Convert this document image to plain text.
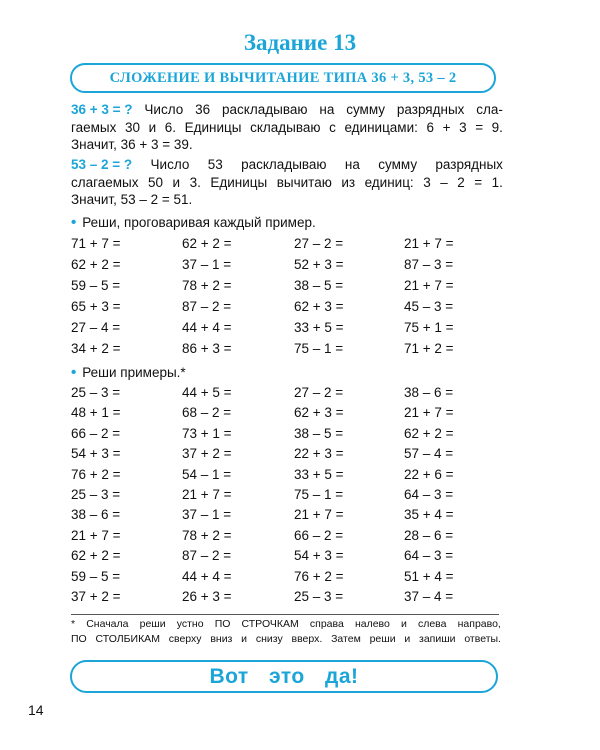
Задание 13
СЛОЖЕНИЕ И ВЫЧИТАНИЕ ТИПА 36 + 3, 53 – 2
36 + 3 = ? Число 36 раскладываю на сумму разрядных сла-
гаемых 30 и 6. Единицы складываю с единицами: 6 + 3 = 9.
Значит, 36 + 3 = 39.
53 – 2 = ? Число 53 раскладываю на сумму разрядных
слагаемых 50 и 3. Единицы вычитаю из единиц: 3 – 2 = 1.
Значит, 53 – 2 = 51.
• Реши, проговаривая каждый пример.
71 + 7 =	62 + 2 =	27 – 2 =	21 + 7 =
62 + 2 =	37 – 1 =	52 + 3 =	87 – 3 =
59 – 5 =	78 + 2 =	38 – 5 =	21 + 7 =
65 + 3 =	87 – 2 =	62 + 3 =	45 – 3 =
27 – 4 =	44 + 4 =	33 + 5 =	75 + 1 =
34 + 2 =	86 + 3 =	75 – 1 =	71 + 2 =
• Реши примеры.*
25 – 3 =	44 + 5 =	27 – 2 =	38 – 6 =
48 + 1 =	68 – 2 =	62 + 3 =	21 + 7 =
66 – 2 =	73 + 1 =	38 – 5 =	62 + 2 =
54 + 3 =	37 + 2 =	22 + 3 =	57 – 4 =
76 + 2 =	54 – 1 =	33 + 5 =	22 + 6 =
25 – 3 =	21 + 7 =	75 – 1 =	64 – 3 =
38 – 6 =	37 – 1 =	21 + 7 =	35 + 4 =
21 + 7 =	78 + 2 =	66 – 2 =	28 – 6 =
62 + 2 =	87 – 2 =	54 + 3 =	64 – 3 =
59 – 5 =	44 + 4 =	76 + 2 =	51 + 4 =
37 + 2 =	26 + 3 =	25 – 3 =	37 – 4 =
* Сначала реши устно ПО СТРОЧКАМ справа налево и слева направо,
ПО СТОЛБИКАМ сверху вниз и снизу вверх. Затем реши и запиши ответы.
Вот это да!
14
